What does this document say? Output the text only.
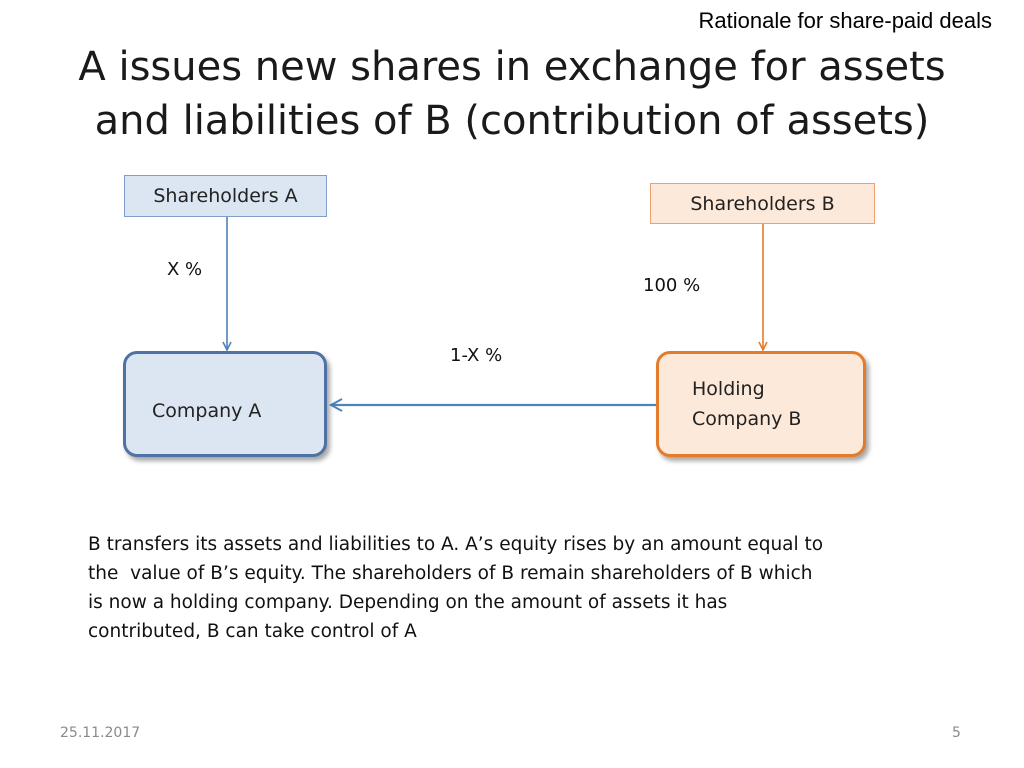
Rationale for share-paid deals
A issues new shares in exchange for assets
and liabilities of B (contribution of assets)
Shareholders A	Shareholders B
Company A
Holding
Company B
X %
100 %
1-X %
B transfers its assets and liabilities to A. A’s equity rises by an amount equal to
the  value of B’s equity. The shareholders of B remain shareholders of B which
is now a holding company. Depending on the amount of assets it has
contributed, B can take control of A
25.11.2017	5
